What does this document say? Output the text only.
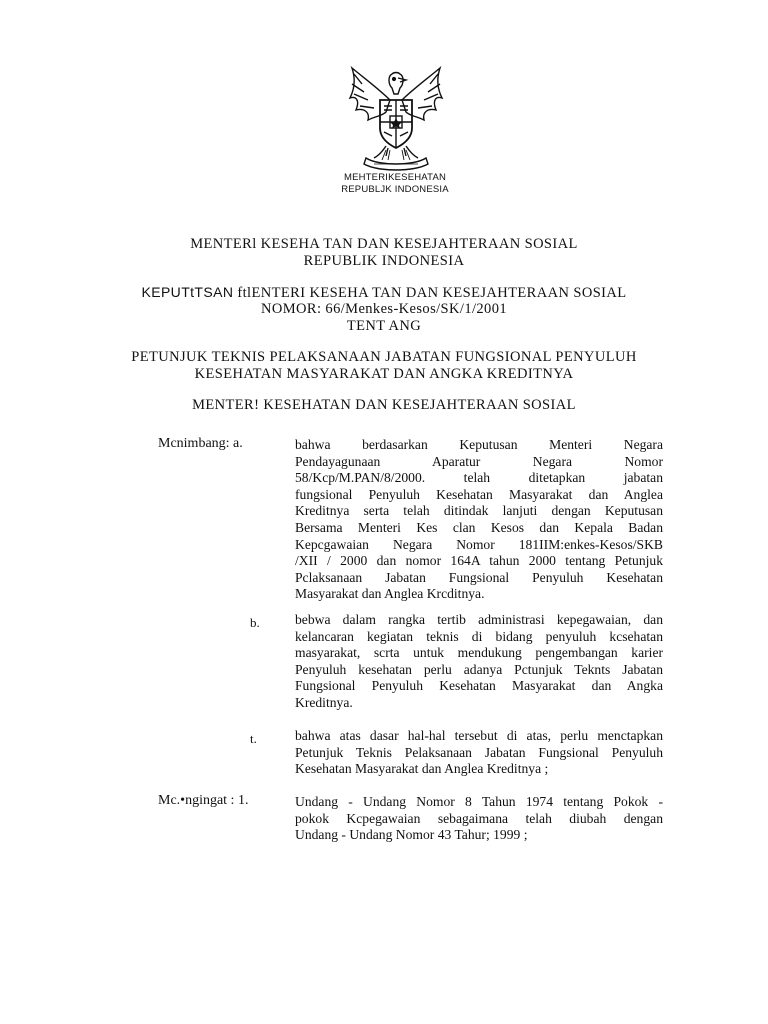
MEHTERIKESEHATAN
REPUBLJK INDONESIA
MENTERl KESEHA TAN DAN KESEJAHTERAAN SOSIAL
REPUBLIK INDONESIA
KEPUTtTSAN ftlENTERI KESEHA TAN DAN KESEJAHTERAAN SOSIAL
NOMOR: 66/Menkes-Kesos/SK/1/2001
TENT ANG
PETUNJUK TEKNIS PELAKSANAAN JABATAN FUNGSIONAL PENYULUH
KESEHATAN MASYARAKAT DAN ANGKA KREDITNYA
MENTER! KESEHATAN DAN KESEJAHTERAAN SOSIAL
Mcnimbang: a.	bahwa berdasarkan Keputusan Menteri Negara
Pendayagunaan Aparatur Negara Nomor
58/Kcp/M.PAN/8/2000. telah ditetapkan jabatan
fungsional Penyuluh Kesehatan Masyarakat dan Anglea
Kreditnya serta telah ditindak lanjuti dengan Keputusan
Bersama Menteri Kes clan Kesos dan Kepala Badan
Kepcgawaian Negara Nomor 181IIM:enkes-Kesos/SKB
/XII / 2000 dan nomor 164A tahun 2000 tentang Petunjuk
Pclaksanaan Jabatan Fungsional Penyuluh Kesehatan
Masyarakat dan Anglea Krcditnya.
b.	bebwa dalam rangka tertib administrasi kepegawaian, dan
kelancaran kegiatan teknis di bidang penyuluh kcsehatan
masyarakat, scrta untuk mendukung pengembangan karier
Penyuluh kesehatan perlu adanya Pctunjuk Teknts Jabatan
Fungsional Penyuluh Kesehatan Masyarakat dan Angka
Kreditnya.
t.	bahwa atas dasar hal-hal tersebut di atas, perlu menctapkan
Petunjuk Teknis Pelaksanaan Jabatan Fungsional Penyuluh
Kesehatan Masyarakat dan Anglea Kreditnya ;
Mc.•ngingat : 1.	Undang - Undang Nomor 8 Tahun 1974 tentang Pokok -
pokok Kcpegawaian sebagaimana telah diubah dengan
Undang - Undang Nomor 43 Tahur; 1999 ;
